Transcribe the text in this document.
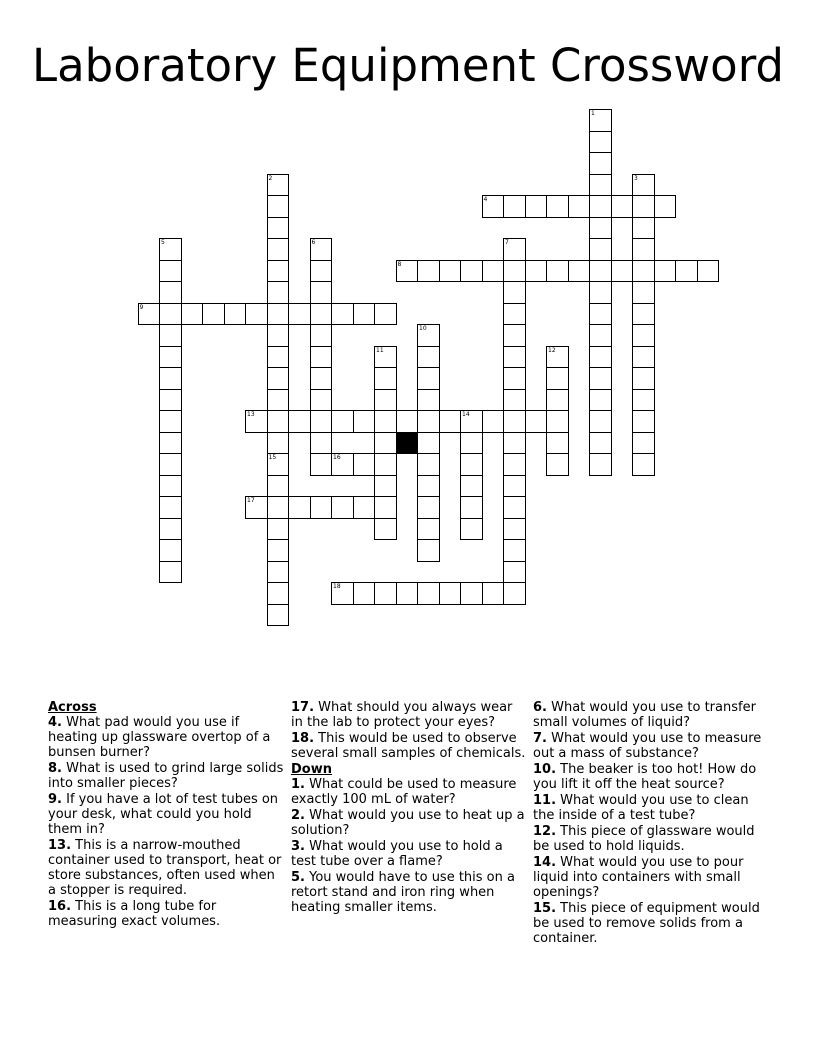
Laboratory Equipment Crossword
1
2
15
3
4
5	6	7
8
9
10
11	12
13	14
16
17
18
Across
4. What pad would you use if heating up glassware overtop of a bunsen burner?
8. What is used to grind large solids into smaller pieces?
9. If you have a lot of test tubes on your desk, what could you hold them in?
13. This is a narrow-mouthed container used to transport, heat or store substances, often used when a stopper is required.
16. This is a long tube for measuring exact volumes.
17. What should you always wear in the lab to protect your eyes?
18. This would be used to observe several small samples of chemicals.
Down
1. What could be used to measure exactly 100 mL of water?
2. What would you use to heat up a solution?
3. What would you use to hold a test tube over a flame?
5. You would have to use this on a retort stand and iron ring when heating smaller items.
6. What would you use to transfer small volumes of liquid?
7. What would you use to measure out a mass of substance?
10. The beaker is too hot! How do you lift it off the heat source?
11. What would you use to clean the inside of a test tube?
12. This piece of glassware would be used to hold liquids.
14. What would you use to pour liquid into containers with small openings?
15. This piece of equipment would be used to remove solids from a container.
